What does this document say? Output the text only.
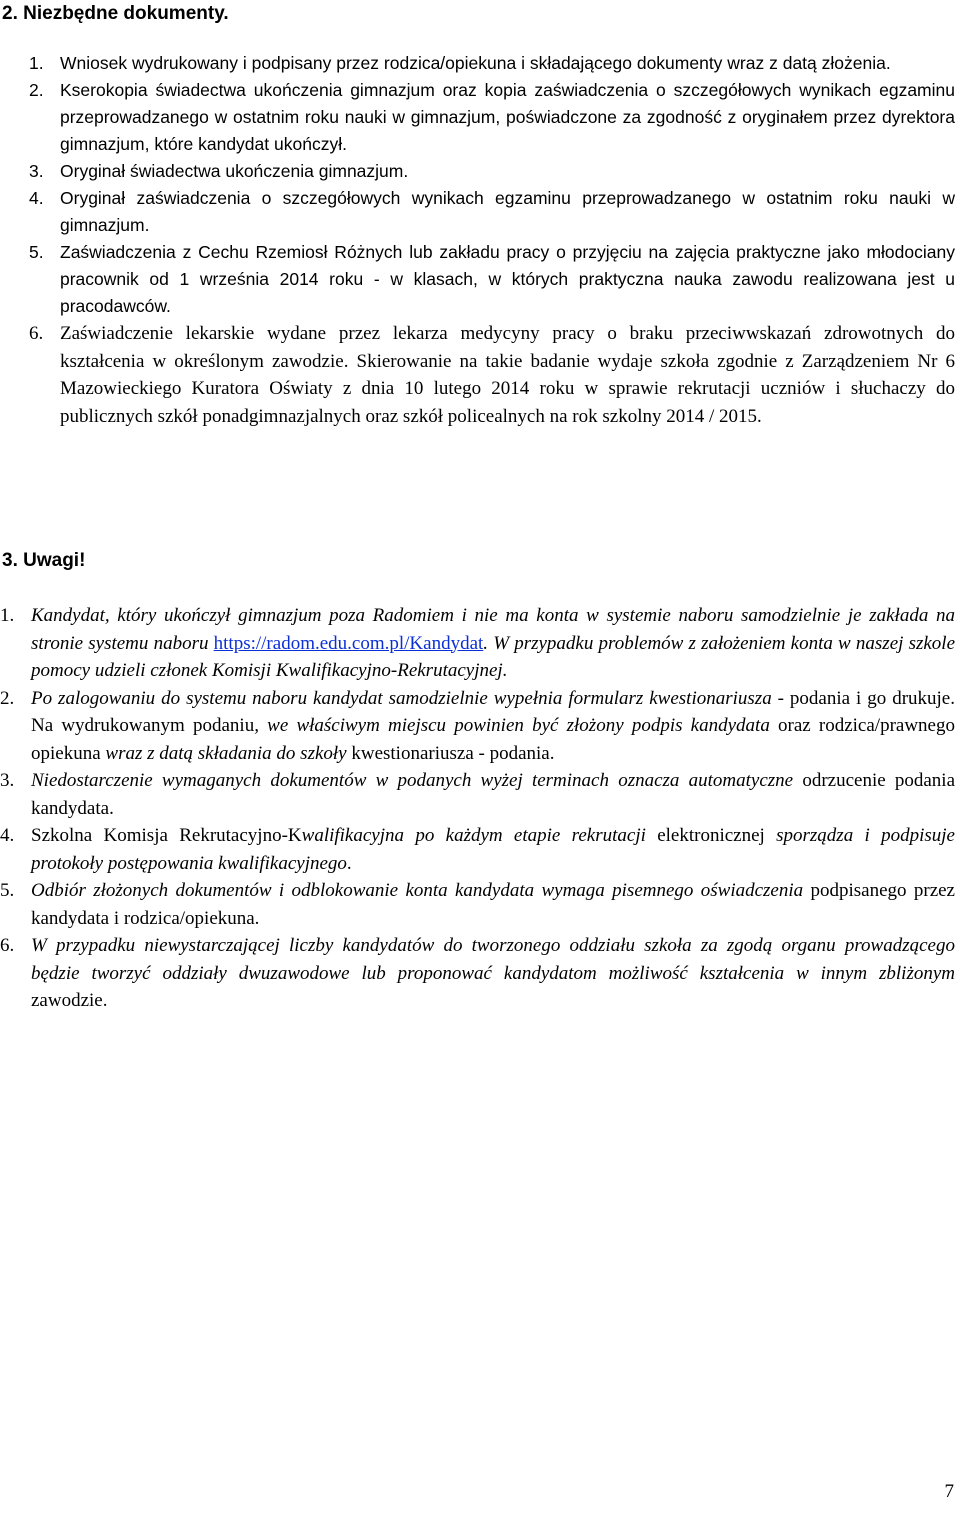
2. Niezbędne dokumenty.
1. Wniosek wydrukowany i podpisany przez rodzica/opiekuna i składającego dokumenty wraz z datą złożenia.
2. Kserokopia świadectwa ukończenia gimnazjum oraz kopia zaświadczenia o szczegółowych wynikach egzaminu przeprowadzanego w ostatnim roku nauki w gimnazjum, poświadczone za zgodność z oryginałem przez dyrektora gimnazjum, które kandydat ukończył.
3. Oryginał świadectwa ukończenia gimnazjum.
4. Oryginał zaświadczenia o szczegółowych wynikach egzaminu przeprowadzanego w ostatnim roku nauki w gimnazjum.
5. Zaświadczenia z Cechu Rzemiosł Różnych lub zakładu pracy o przyjęciu na zajęcia praktyczne jako młodociany pracownik od 1 września 2014 roku - w klasach, w których praktyczna nauka zawodu realizowana jest u pracodawców.
6. Zaświadczenie lekarskie wydane przez lekarza medycyny pracy o braku przeciwwskazań zdrowotnych do kształcenia w określonym zawodzie. Skierowanie na takie badanie wydaje szkoła zgodnie z Zarządzeniem Nr 6 Mazowieckiego Kuratora Oświaty z dnia 10 lutego 2014 roku w sprawie rekrutacji uczniów i słuchaczy do publicznych szkół ponadgimnazjalnych oraz szkół policealnych na rok szkolny 2014 / 2015.
3. Uwagi!
1. Kandydat, który ukończył gimnazjum poza Radomiem i nie ma konta w systemie naboru samodzielnie je zakłada na stronie systemu naboru https://radom.edu.com.pl/Kandydat. W przypadku problemów z założeniem konta w naszej szkole pomocy udzieli członek Komisji Kwalifikacyjno-Rekrutacyjnej.
2. Po zalogowaniu do systemu naboru kandydat samodzielnie wypełnia formularz kwestionariusza - podania i go drukuje. Na wydrukowanym podaniu, we właściwym miejscu powinien być złożony podpis kandydata oraz rodzica/prawnego opiekuna wraz z datą składania do szkoły kwestionariusza - podania.
3. Niedostarczenie wymaganych dokumentów w podanych wyżej terminach oznacza automatyczne odrzucenie podania kandydata.
4. Szkolna Komisja Rekrutacyjno-Kwalifikacyjna po każdym etapie rekrutacji elektronicznej sporządza i podpisuje protokoły postępowania kwalifikacyjnego.
5. Odbiór złożonych dokumentów i odblokowanie konta kandydata wymaga pisemnego oświadczenia podpisanego przez kandydata i rodzica/opiekuna.
6. W przypadku niewystarczającej liczby kandydatów do tworzonego oddziału szkoła za zgodą organu prowadzącego będzie tworzyć oddziały dwuzawodowe lub proponować kandydatom możliwość kształcenia w innym zbliżonym zawodzie.
7
